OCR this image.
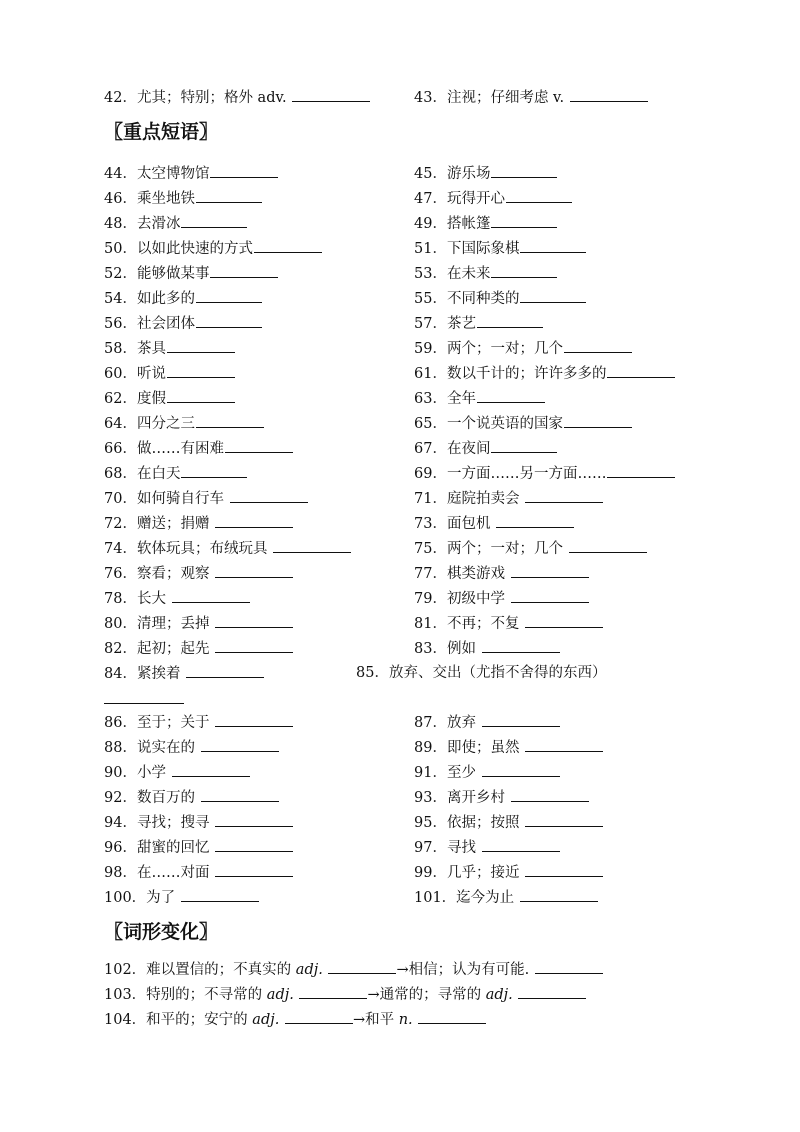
42．尤其；特别；格外 adv.	43．注视；仔细考虑 v.
〖重点短语〗
44．太空博物馆	45．游乐场
46．乘坐地铁	47．玩得开心
48．去滑冰	49．搭帐篷
50．以如此快速的方式	51．下国际象棋
52．能够做某事	53．在未来
54．如此多的	55．不同种类的
56．社会团体	57．茶艺
58．茶具	59．两个；一对；几个
60．听说	61．数以千计的；许许多多的
62．度假	63．全年
64．四分之三	65．一个说英语的国家
66．做……有困难	67．在夜间
68．在白天	69．一方面……另一方面……
70．如何骑自行车	71．庭院拍卖会
72．赠送；捐赠	73．面包机
74．软体玩具；布绒玩具	75．两个；一对；几个
76．察看；观察	77．棋类游戏
78．长大	79．初级中学
80．清理；丢掉	81．不再；不复
82．起初；起先	83．例如
84．紧挨着	85．放弃、交出（尤指不舍得的东西）
86．至于；关于	87．放弃
88．说实在的	89．即使；虽然
90．小学	91．至少
92．数百万的	93．离开乡村
94．寻找；搜寻	95．依据；按照
96．甜蜜的回忆	97．寻找
98．在……对面	99．几乎；接近
100．为了	101．迄今为止
〖词形变化〗
102．难以置信的；不真实的 adj.	→相信；认为有可能.
103．特别的；不寻常的 adj.	→通常的；寻常的 adj.
104．和平的；安宁的 adj.	→和平 n.
